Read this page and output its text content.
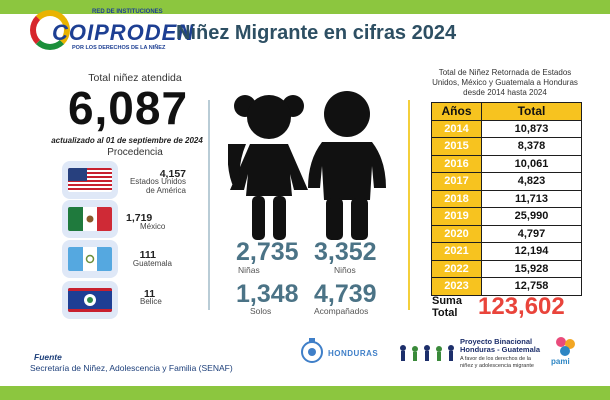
RED DE INSTITUCIONES
COIPRODEN
POR LOS DERECHOS DE LA NIÑEZ
Niñez Migrante en cifras 2024
Total niñez atendida
6,087
actualizado al 01 de septiembre de 2024
Procedencia
4,157
Estados Unidos
de América
1,719
México
111
Guatemala
11
Belice
2,735
Niñas
3,352
Niños
1,348
Solos
4,739
Acompañados
Total de Niñez Retornada de Estados
Unidos, México y Guatemala a Honduras
desde 2014 hasta 2024
Años	Total
2014	10,873
2015	8,378
2016	10,061
2017	4,823
2018	11,713
2019	25,990
2020	4,797
2021	12,194
2022	15,928
2023	12,758
Suma
Total 123,602
Fuente
Secretaría de Niñez, Adolescencia y Familia (SENAF)
HONDURAS
Proyecto Binacional
Honduras - Guatemala
A favor de los derechos de la
niñez y adolescencia migrante pami
